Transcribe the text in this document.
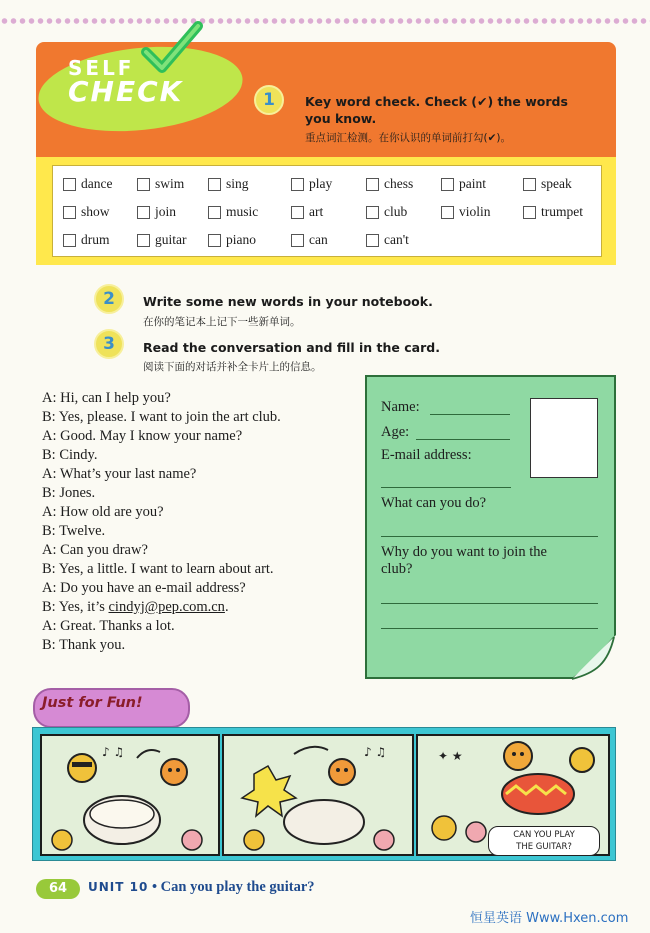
SELF
CHECK	1	Key word check. Check (✔) the words
you know.
重点词汇检测。在你认识的单词前打勾(✔)。
dance	swim	sing	play	chess	paint	speak
show	join	music	art	club	violin	trumpet
drum	guitar	piano	can	can't
2	Write some new words in your notebook.
在你的笔记本上记下一些新单词。
3	Read the conversation and fill in the card.
阅读下面的对话并补全卡片上的信息。
A: Hi, can I help you?
B: Yes, please. I want to join the art club.
A: Good. May I know your name?
B: Cindy.
A: What’s your last name?
B: Jones.
A: How old are you?
B: Twelve.
A: Can you draw?
B: Yes, a little. I want to learn about art.
A: Do you have an e-mail address?
B: Yes, it’s cindyj@pep.com.cn.
A: Great. Thanks a lot.
B: Thank you.
Name:
Age:
E-mail address:
What can you do?
Why do you want to join the
club?
Just for Fun!
♪ ♫	♪ ♫	✦ ★
CAN YOU PLAY
THE GUITAR?
64	UNIT 10 • Can you play the guitar?
恒星英语 Www.Hxen.com
